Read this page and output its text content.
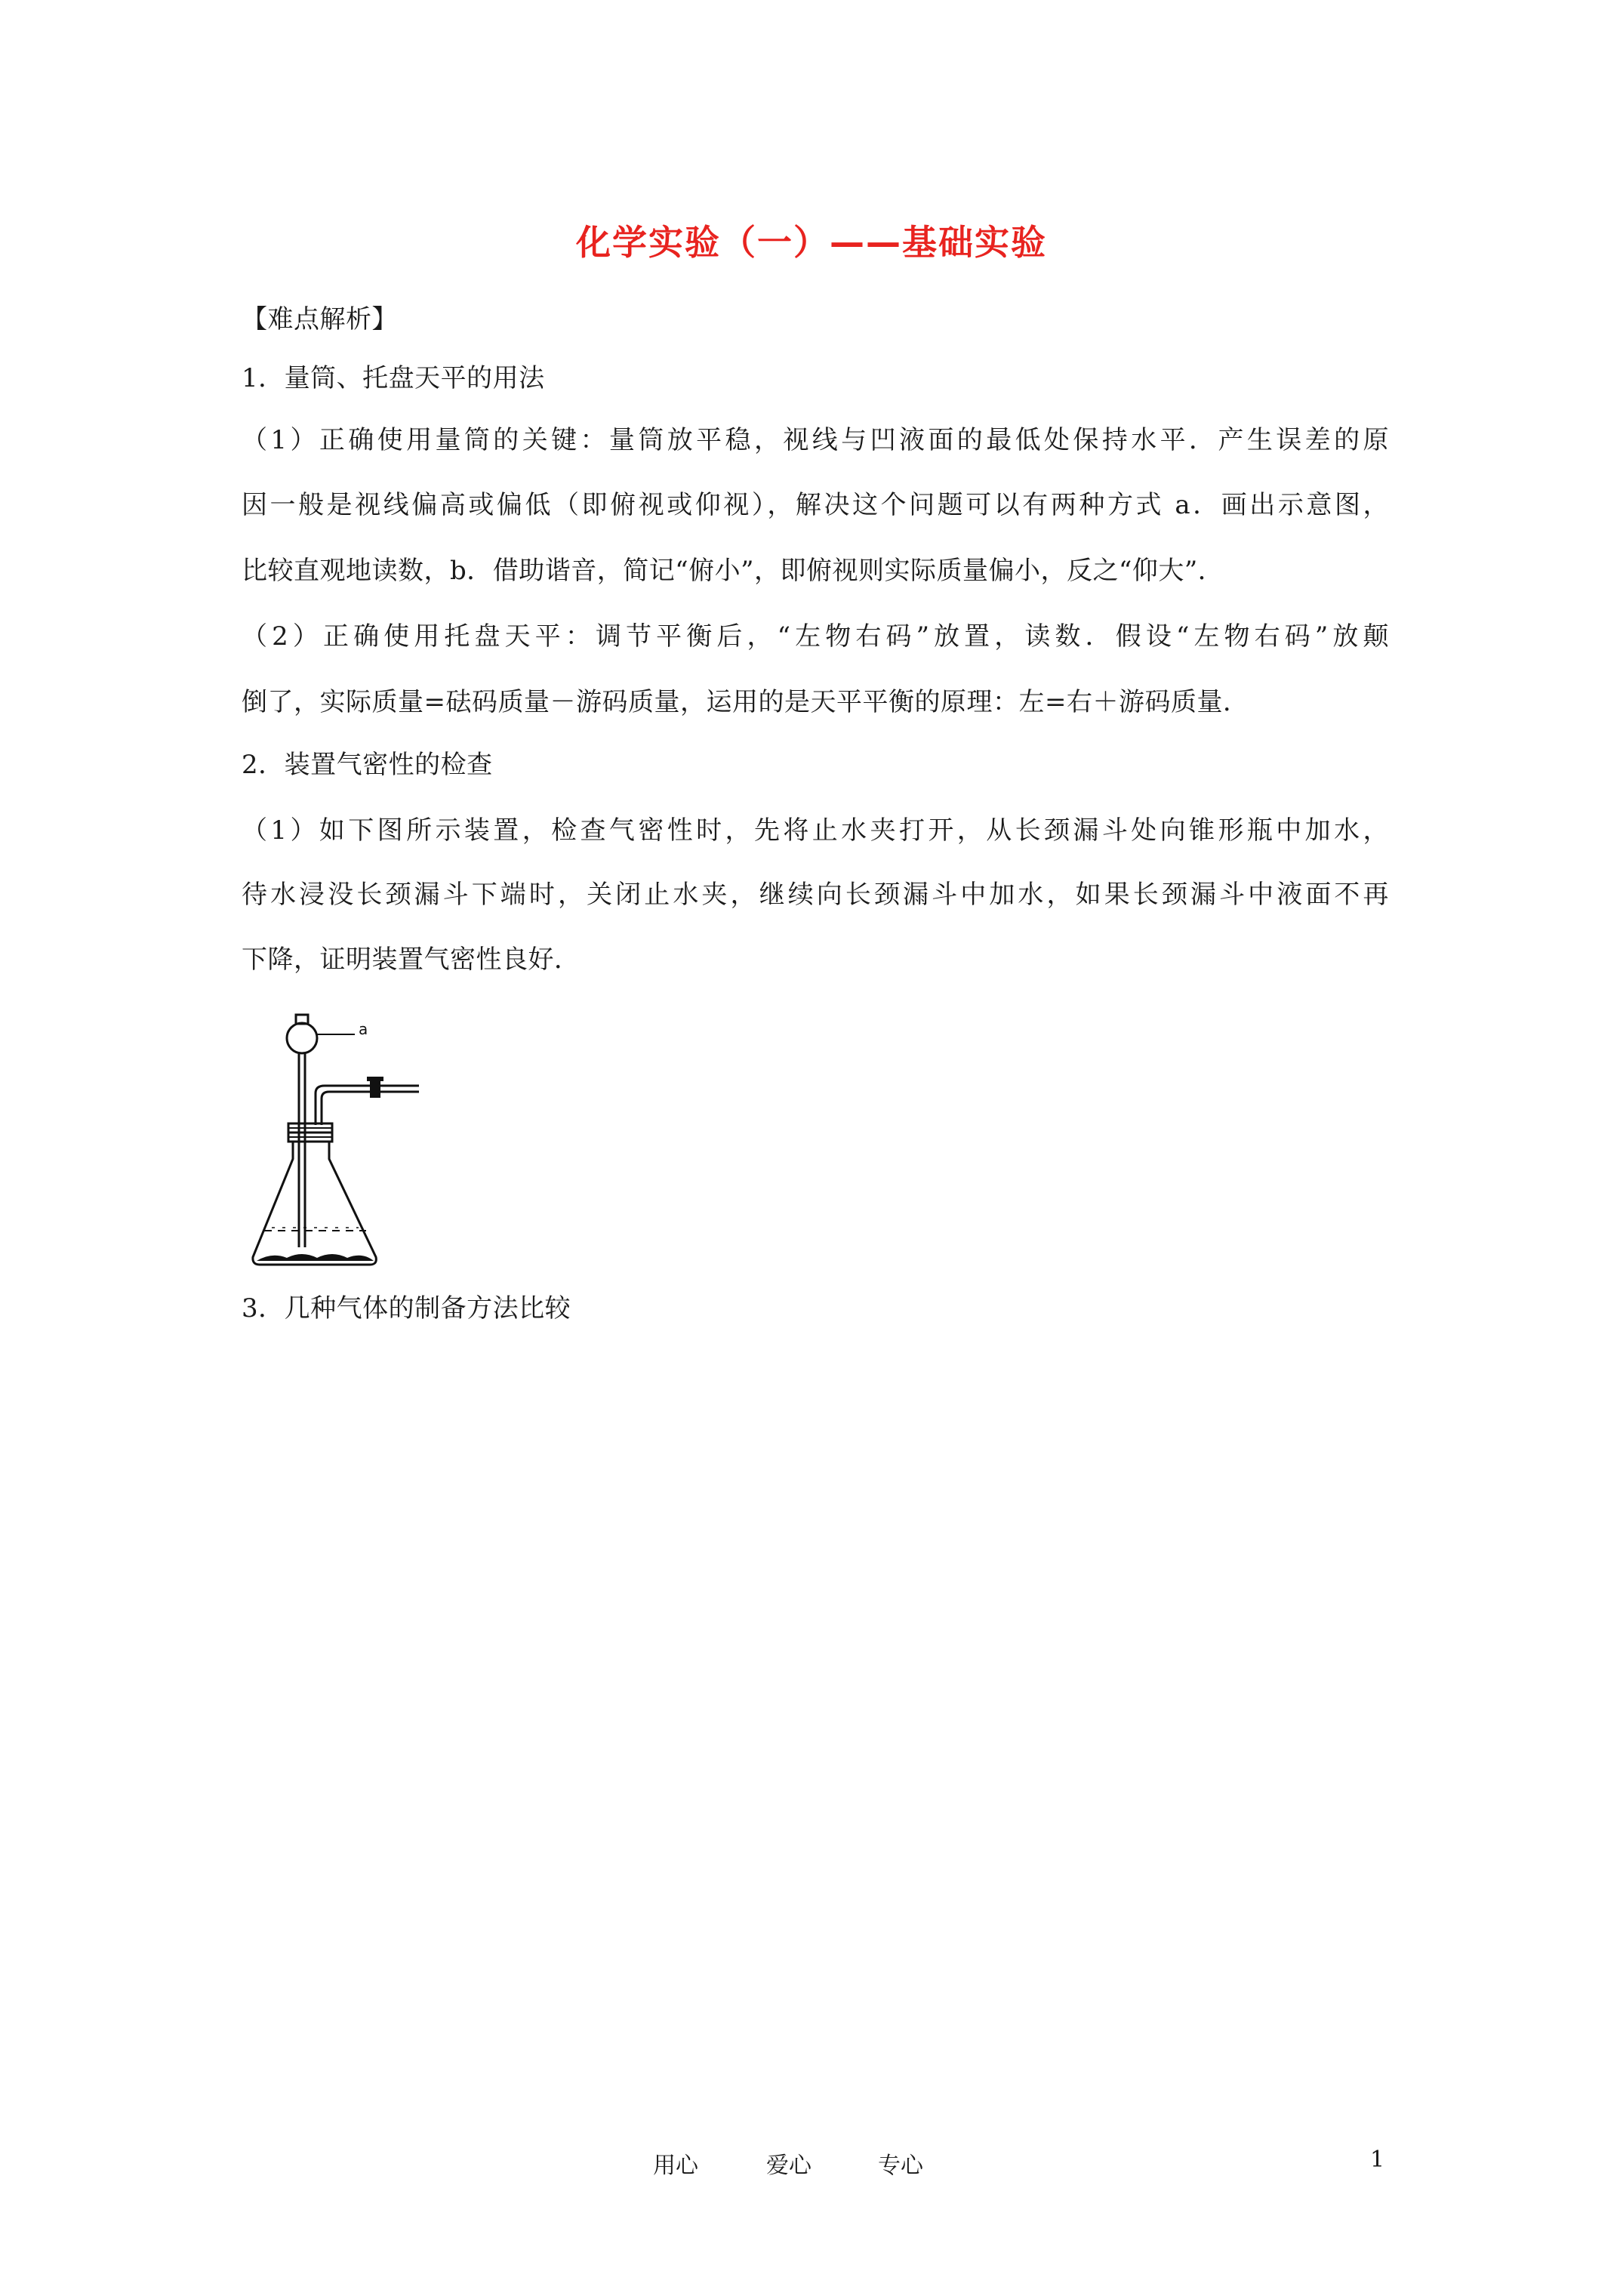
化学实验（一）——基础实验
【难点解析】
1．量筒、托盘天平的用法
（1）正确使用量筒的关键：量筒放平稳，视线与凹液面的最低处保持水平．产生误差的原
因一般是视线偏高或偏低（即俯视或仰视），解决这个问题可以有两种方式 a．画出示意图，
比较直观地读数，b．借助谐音，简记“俯小”，即俯视则实际质量偏小，反之“仰大”．
（2）正确使用托盘天平：调节平衡后，“左物右码”放置，读数．假设“左物右码”放颠
倒了，实际质量=砝码质量－游码质量，运用的是天平平衡的原理：左=右＋游码质量．
2．装置气密性的检查
（1）如下图所示装置，检查气密性时，先将止水夹打开，从长颈漏斗处向锥形瓶中加水，
待水浸没长颈漏斗下端时，关闭止水夹，继续向长颈漏斗中加水，如果长颈漏斗中液面不再
下降，证明装置气密性良好．
a
3．几种气体的制备方法比较
用心	爱心	专心	1
